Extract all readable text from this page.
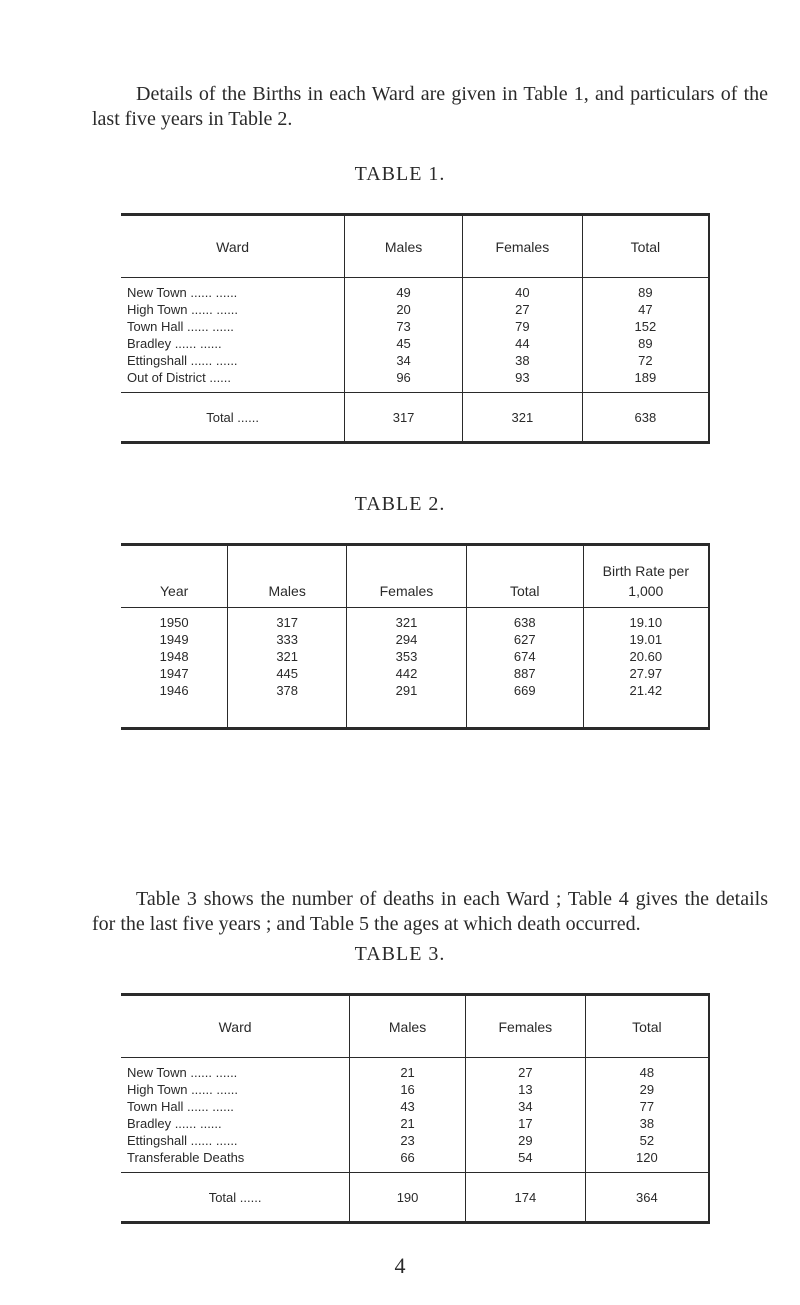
Details of the Births in each Ward are given in Table 1, and particulars of the last five years in Table 2.

TABLE 1.

Ward	Males	Females	Total
New Town ...... ......	49	40	89
High Town ...... ......	20	27	47
Town Hall ...... ......	73	79	152
Bradley ...... ......	45	44	89
Ettingshall ...... ......	34	38	72
Out of District ......	96	93	189
Total ......	317	321	638

TABLE 2.

Year	Males	Females	Total	Birth Rate per 1,000
1950	317	321	638	19.10
1949	333	294	627	19.01
1948	321	353	674	20.60
1947	445	442	887	27.97
1946	378	291	669	21.42

Table 3 shows the number of deaths in each Ward ; Table 4 gives the details for the last five years ; and Table 5 the ages at which death occurred.

TABLE 3.

Ward	Males	Females	Total
New Town ...... ......	21	27	48
High Town ...... ......	16	13	29
Town Hall ...... ......	43	34	77
Bradley ...... ......	21	17	38
Ettingshall ...... ......	23	29	52
Transferable Deaths	66	54	120
Total ......	190	174	364

4
